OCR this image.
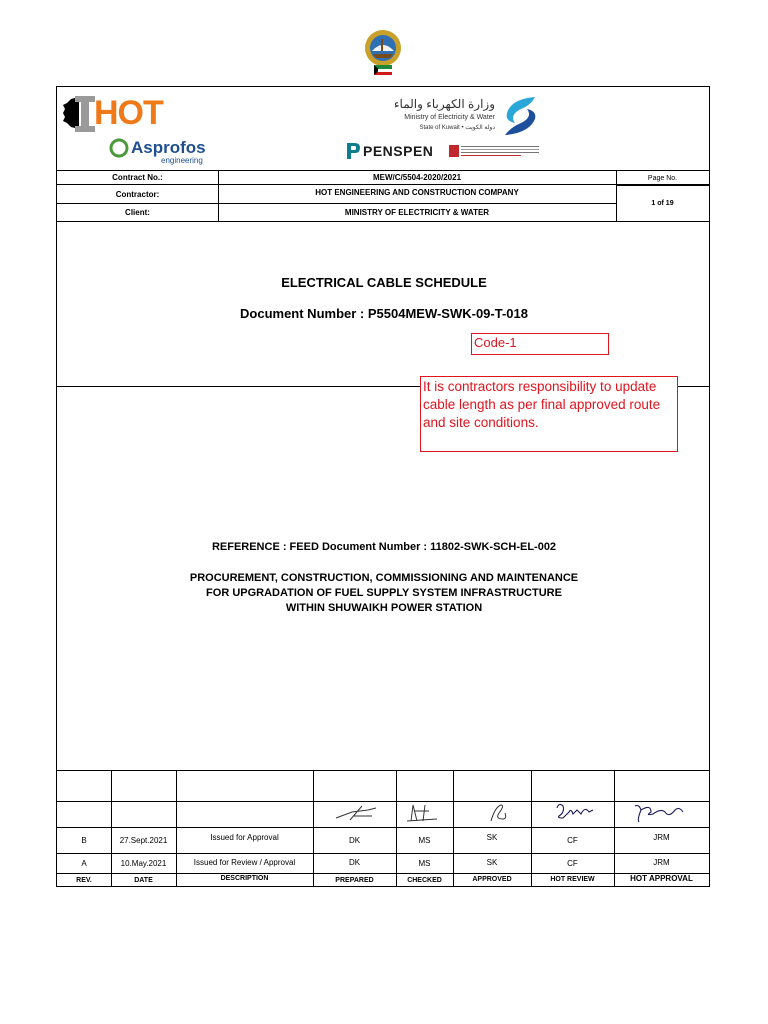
HOT
Asprofos
engineering
وزارة الكهرباء والماء
Ministry of Electricity & Water
State of Kuwait • دولة الكويت
PENSPEN
Contract No.:	MEW/C/5504-2020/2021	Page No.
Contractor:	HOT ENGINEERING AND CONSTRUCTION COMPANY
Client:	MINISTRY OF ELECTRICITY & WATER
1 of 19
ELECTRICAL CABLE SCHEDULE
Document Number : P5504MEW-SWK-09-T-018
Code-1
It is contractors responsibility to update cable length as per final approved route and site conditions.
REFERENCE : FEED Document Number : 11802-SWK-SCH-EL-002
PROCUREMENT, CONSTRUCTION, COMMISSIONING AND MAINTENANCE
FOR UPGRADATION OF FUEL SUPPLY SYSTEM INFRASTRUCTURE
WITHIN SHUWAIKH POWER STATION
B	27.Sept.2021	Issued for Approval	DK	MS	SK	CF	JRM
A	10.May.2021	Issued for Review / Approval	DK	MS	SK	CF	JRM
REV.	DATE	DESCRIPTION	PREPARED	CHECKED	APPROVED	HOT REVIEW	HOT APPROVAL
